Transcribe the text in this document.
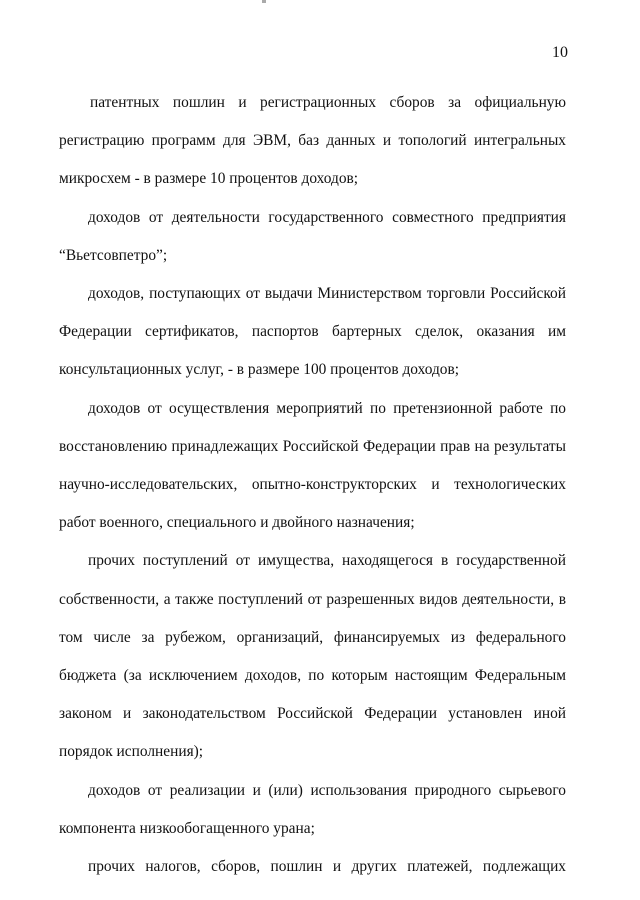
10

патентных пошлин и регистрационных сборов за официальную
регистрацию программ для ЭВМ, баз данных и топологий интегральных
микросхем - в размере 10 процентов доходов;

доходов от деятельности государственного совместного предприятия
“Вьетсовпетро”;

доходов, поступающих от выдачи Министерством торговли Российской
Федерации сертификатов, паспортов бартерных сделок, оказания им
консультационных услуг, - в размере 100 процентов доходов;

доходов от осуществления мероприятий по претензионной работе по
восстановлению принадлежащих Российской Федерации прав на результаты
научно-исследовательских, опытно-конструкторских и технологических
работ военного, специального и двойного назначения;

прочих поступлений от имущества, находящегося в государственной
собственности, а также поступлений от разрешенных видов деятельности, в
том числе за рубежом, организаций, финансируемых из федерального
бюджета (за исключением доходов, по которым настоящим Федеральным
законом и законодательством Российской Федерации установлен иной
порядок исполнения);

доходов от реализации и (или) использования природного сырьевого
компонента низкообогащенного урана;

прочих налогов, сборов, пошлин и других платежей, подлежащих
